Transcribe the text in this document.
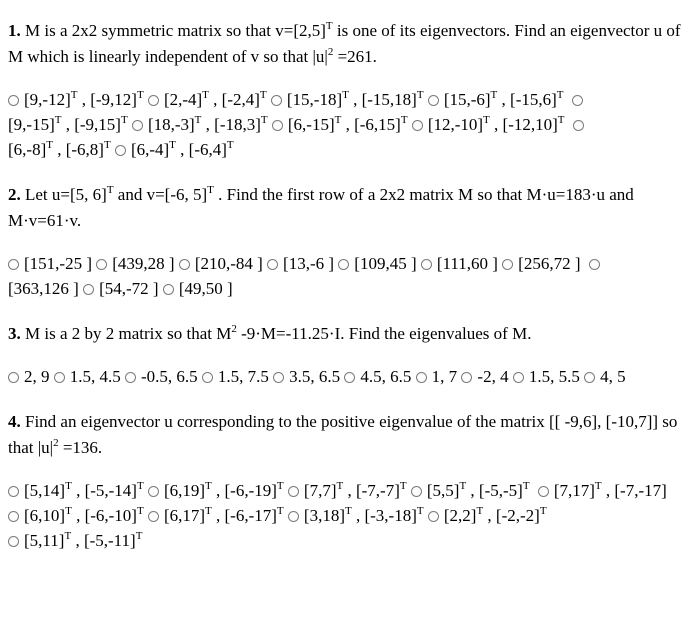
1. M is a 2x2 symmetric matrix so that $v=[2,5]^T$ is one of its eigenvectors. Find an eigenvector u of M which is linearly independent of v so that $|u|^2 =261$.
$[9,-12]^T$ , $[-9,12]^T$ $[2,-4]^T$ , $[-2,4]^T$ $[15,-18]^T$ , $[-15,18]^T$ $[15,-6]^T$ , $[-15,6]^T$
$[9,-15]^T$ , $[-9,15]^T$ $[18,-3]^T$ , $[-18,3]^T$ $[6,-15]^T$ , $[-6,15]^T$ $[12,-10]^T$ , $[-12,10]^T$
$[6,-8]^T$ , $[-6,8]^T$ $[6,-4]^T$ , $[-6,4]^T$
2. Let u=[5, 6]$^T$ and v=[-6, 5]$^T$ . Find the first row of a 2x2 matrix M so that M·u=183·u and M·v=61·v.
[151,-25 ] [439,28 ] [210,-84 ] [13,-6 ] [109,45 ] [111,60 ] [256,72 ]
[363,126 ] [54,-72 ] [49,50 ]
3. M is a 2 by 2 matrix so that $M^2$ -9·M=-11.25·I. Find the eigenvalues of M.
2, 9 1.5, 4.5 -0.5, 6.5 1.5, 7.5 3.5, 6.5 4.5, 6.5 1, 7 -2, 4 1.5, 5.5 4, 5
4. Find an eigenvector u corresponding to the positive eigenvalue of the matrix [[ -9,6], [-10,7]] so that $|u|^2 =136$.
$[5,14]^T$ , $[-5,-14]^T$ $[6,19]^T$ , $[-6,-19]^T$ $[7,7]^T$ , $[-7,-7]^T$ $[5,5]^T$ , $[-5,-5]^T$ $[7,17]^T$ , [-7,-17]
$[6,10]^T$ , $[-6,-10]^T$ $[6,17]^T$ , $[-6,-17]^T$ $[3,18]^T$ , $[-3,-18]^T$ $[2,2]^T$ , $[-2,-2]^T$
$[5,11]^T$ , $[-5,-11]^T$
